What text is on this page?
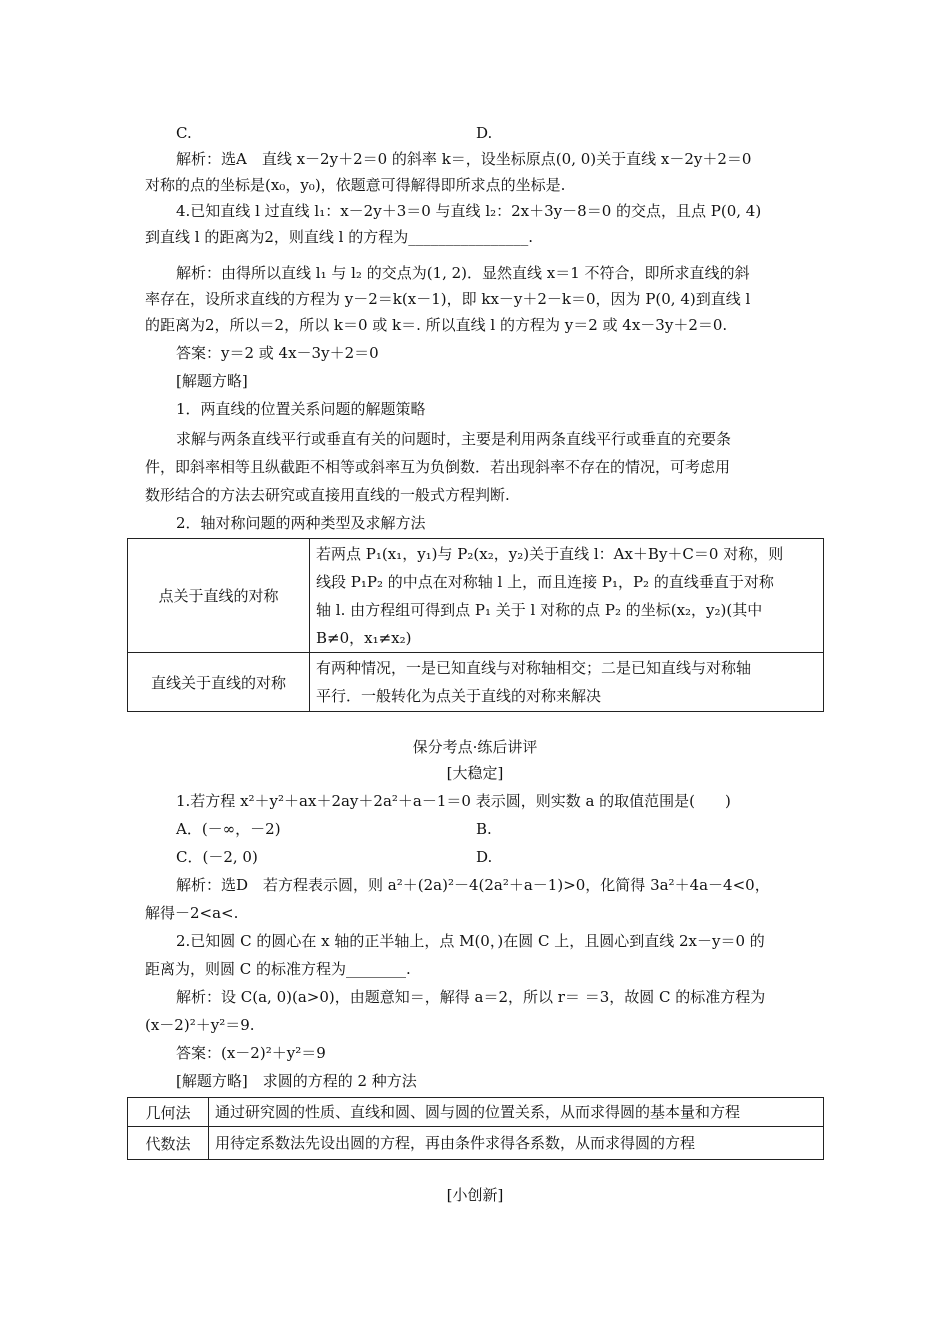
C.	D.
解析：选A　直线 x－2y＋2＝0 的斜率 k＝，设坐标原点(0, 0)关于直线 x－2y＋2＝0
对称的点的坐标是(x₀，y₀)，依题意可得解得即所求点的坐标是.
4.已知直线 l 过直线 l₁：x－2y＋3＝0 与直线 l₂：2x＋3y－8＝0 的交点，且点 P(0, 4)
到直线 l 的距离为2，则直线 l 的方程为________________.
解析：由得所以直线 l₁ 与 l₂ 的交点为(1, 2)．显然直线 x＝1 不符合，即所求直线的斜
率存在，设所求直线的方程为 y－2＝k(x－1)，即 kx－y＋2－k＝0，因为 P(0, 4)到直线 l
的距离为2，所以＝2，所以 k＝0 或 k＝. 所以直线 l 的方程为 y＝2 或 4x－3y＋2＝0.
答案：y＝2 或 4x－3y＋2＝0
[解题方略]
1．两直线的位置关系问题的解题策略
求解与两条直线平行或垂直有关的问题时，主要是利用两条直线平行或垂直的充要条
件，即斜率相等且纵截距不相等或斜率互为负倒数．若出现斜率不存在的情况，可考虑用
数形结合的方法去研究或直接用直线的一般式方程判断.
2．轴对称问题的两种类型及求解方法
点关于直线的对称	若两点 P₁(x₁，y₁)与 P₂(x₂，y₂)关于直线 l：Ax＋By＋C＝0 对称，则
线段 P₁P₂ 的中点在对称轴 l 上，而且连接 P₁，P₂ 的直线垂直于对称
轴 l. 由方程组可得到点 P₁ 关于 l 对称的点 P₂ 的坐标(x₂，y₂)(其中
B≠0，x₁≠x₂)

直线关于直线的对称	有两种情况，一是已知直线与对称轴相交；二是已知直线与对称轴
平行．一般转化为点关于直线的对称来解决
保分考点·练后讲评
[大稳定]
1.若方程 x²＋y²＋ax＋2ay＋2a²＋a－1＝0 表示圆，则实数 a 的取值范围是(　　)
A．(－∞，－2)	B.
C．(－2, 0)	D.
解析：选D　若方程表示圆，则 a²＋(2a)²－4(2a²＋a－1)>0，化简得 3a²＋4a－4<0，
解得－2<a<.
2.已知圆 C 的圆心在 x 轴的正半轴上，点 M(0，)在圆 C 上，且圆心到直线 2x－y＝0 的
距离为，则圆 C 的标准方程为________.
解析：设 C(a, 0)(a>0)，由题意知＝，解得 a＝2，所以 r＝ ＝3，故圆 C 的标准方程为
(x－2)²＋y²＝9.
答案：(x－2)²＋y²＝9
[解题方略]　求圆的方程的 2 种方法
几何法	通过研究圆的性质、直线和圆、圆与圆的位置关系，从而求得圆的基本量和方程

代数法	用待定系数法先设出圆的方程，再由条件求得各系数，从而求得圆的方程
[小创新]
